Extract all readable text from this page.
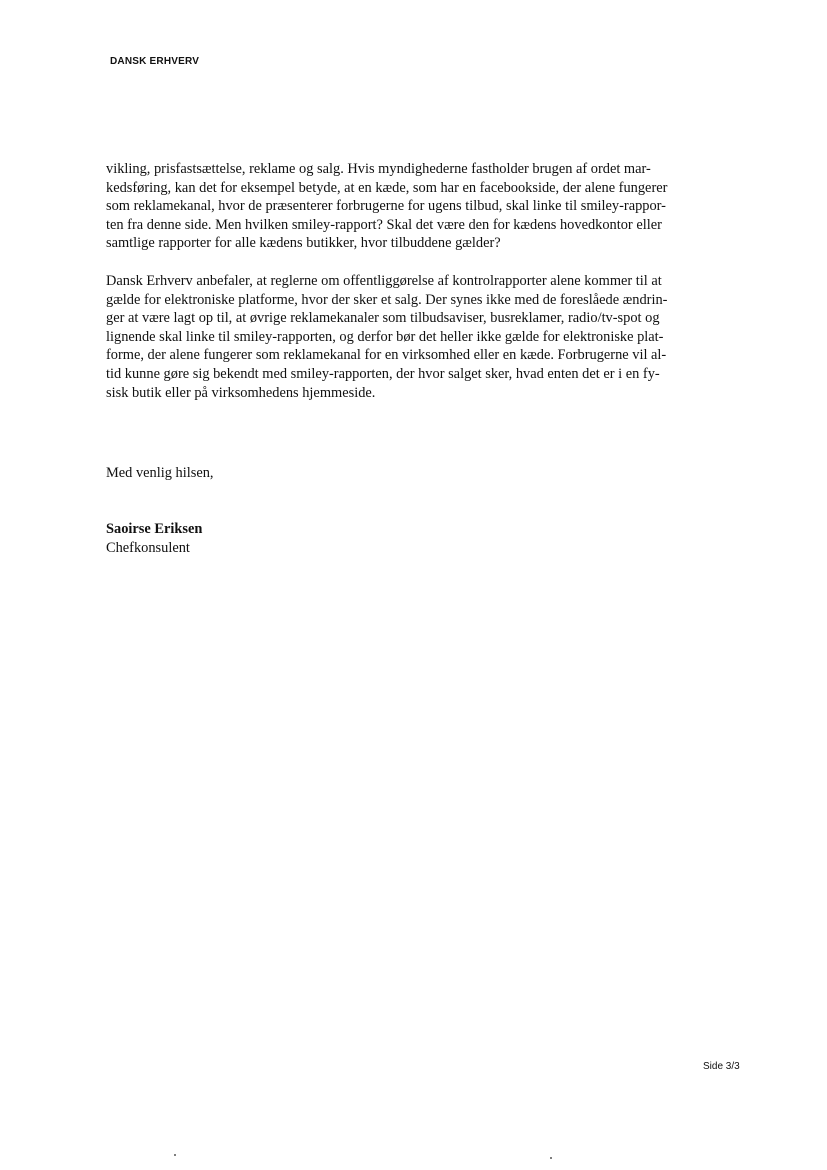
DANSK ERHVERV
vikling, prisfastsættelse, reklame og salg. Hvis myndighederne fastholder brugen af ordet mar-
kedsføring, kan det for eksempel betyde, at en kæde, som har en facebookside, der alene fungerer
som reklamekanal, hvor de præsenterer forbrugerne for ugens tilbud, skal linke til smiley-rappor-
ten fra denne side. Men hvilken smiley-rapport? Skal det være den for kædens hovedkontor eller
samtlige rapporter for alle kædens butikker, hvor tilbuddene gælder?
Dansk Erhverv anbefaler, at reglerne om offentliggørelse af kontrolrapporter alene kommer til at
gælde for elektroniske platforme, hvor der sker et salg. Der synes ikke med de foreslåede ændrin-
ger at være lagt op til, at øvrige reklamekanaler som tilbudsaviser, busreklamer, radio/tv-spot og
lignende skal linke til smiley-rapporten, og derfor bør det heller ikke gælde for elektroniske plat-
forme, der alene fungerer som reklamekanal for en virksomhed eller en kæde. Forbrugerne vil al-
tid kunne gøre sig bekendt med smiley-rapporten, der hvor salget sker, hvad enten det er i en fy-
sisk butik eller på virksomhedens hjemmeside.
Med venlig hilsen,
Saoirse Eriksen
Chefkonsulent
Side 3/3
